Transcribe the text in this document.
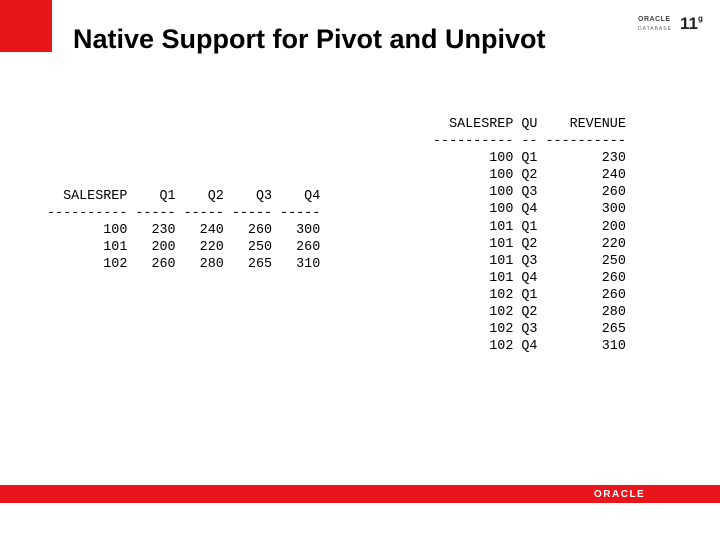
Native Support for Pivot and Unpivot
ORACLE 11$^g$
DATABASE
SALESREP    Q1    Q2    Q3    Q4
---------- ----- ----- ----- -----
100   230   240   260   300
101   200   220   250   260
102   260   280   265   310

SALESREP QU    REVENUE
---------- -- ----------
100 Q1        230
100 Q2        240
100 Q3        260
100 Q4        300
101 Q1        200
101 Q2        220
101 Q3        250
101 Q4        260
102 Q1        260
102 Q2        280
102 Q3        265
102 Q4        310

ORACLE
